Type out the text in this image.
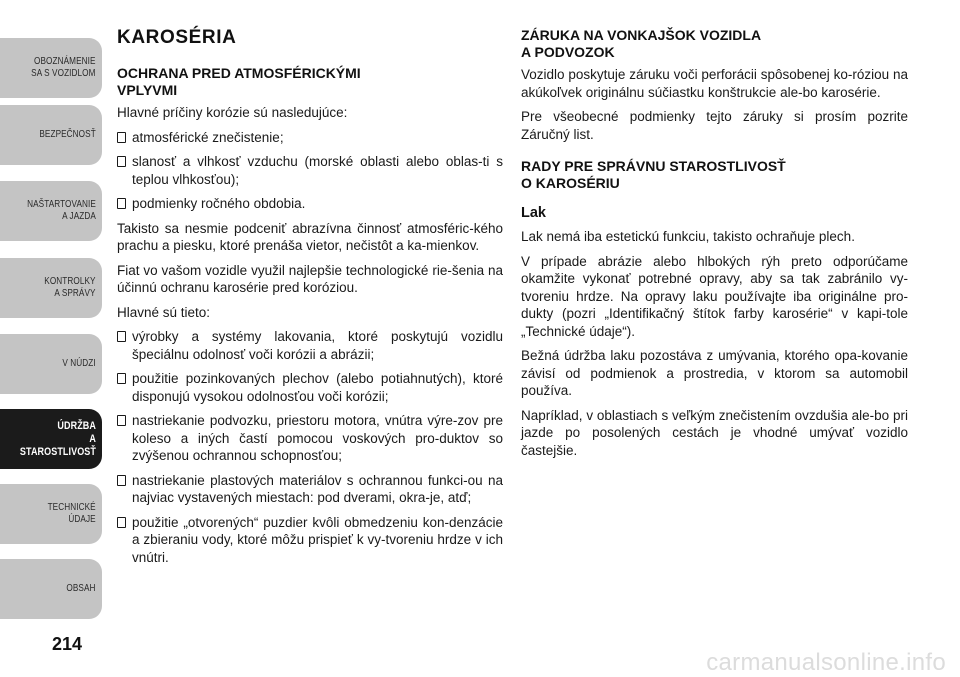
OBOZNÁMENIE
SA S VOZIDLOM
BEZPEČNOSŤ
NAŠTARTOVANIE
A JAZDA
KONTROLKY
A SPRÁVY
V NÚDZI
ÚDRŽBA
A STAROSTLIVOSŤ
TECHNICKÉ
ÚDAJE
OBSAH
214
KAROSÉRIA
OCHRANA PRED ATMOSFÉRICKÝMI
VPLYVMI

Hlavné príčiny korózie sú nasledujúce:

atmosférické znečistenie;
slanosť a vlhkosť vzduchu (morské oblasti alebo oblas-ti s teplou vlhkosťou);
podmienky ročného obdobia.

Takisto sa nesmie podceniť abrazívna činnosť atmosféric-kého prachu a piesku, ktoré prenáša vietor, nečistôt a ka-mienkov.

Fiat vo vašom vozidle využil najlepšie technologické rie-šenia na účinnú ochranu karosérie pred koróziou.

Hlavné sú tieto:

výrobky a systémy lakovania, ktoré poskytujú vozidlu špeciálnu odolnosť voči korózii a abrázii;
použitie pozinkovaných plechov (alebo potiahnutých), ktoré disponujú vysokou odolnosťou voči korózii;
nastriekanie podvozku, priestoru motora, vnútra výre-zov pre koleso a iných častí pomocou voskových pro-duktov so zvýšenou ochrannou schopnosťou;
nastriekanie plastových materiálov s ochrannou funkci-ou na najviac vystavených miestach: pod dverami, okra-je, atď;
použitie „otvorených“ puzdier kvôli obmedzeniu kon-denzácie a zbieraniu vody, ktoré môžu prispieť k vy-tvoreniu hrdze v ich vnútri.
ZÁRUKA NA VONKAJŠOK VOZIDLA
A PODVOZOK

Vozidlo poskytuje záruku voči perforácii spôsobenej ko-róziou na akúkoľvek originálnu súčiastku konštrukcie ale-bo karosérie.

Pre všeobecné podmienky tejto záruky si prosím pozrite Záručný list.

RADY PRE SPRÁVNU STAROSTLIVOSŤ
O KAROSÉRIU
Lak

Lak nemá iba estetickú funkciu, takisto ochraňuje plech.

V prípade abrázie alebo hlbokých rýh preto odporúčame okamžite vykonať potrebné opravy, aby sa tak zabránilo vy-tvoreniu hrdze. Na opravy laku používajte iba originálne pro-dukty (pozri „Identifikačný štítok farby karosérie“ v kapi-tole „Technické údaje“).

Bežná údržba laku pozostáva z umývania, ktorého opa-kovanie závisí od podmienok a prostredia, v ktorom sa automobil používa.

Napríklad, v oblastiach s veľkým znečistením ovzdušia ale-bo pri jazde po posolených cestách je vhodné umývať vozidlo častejšie.

carmanualsonline.info
